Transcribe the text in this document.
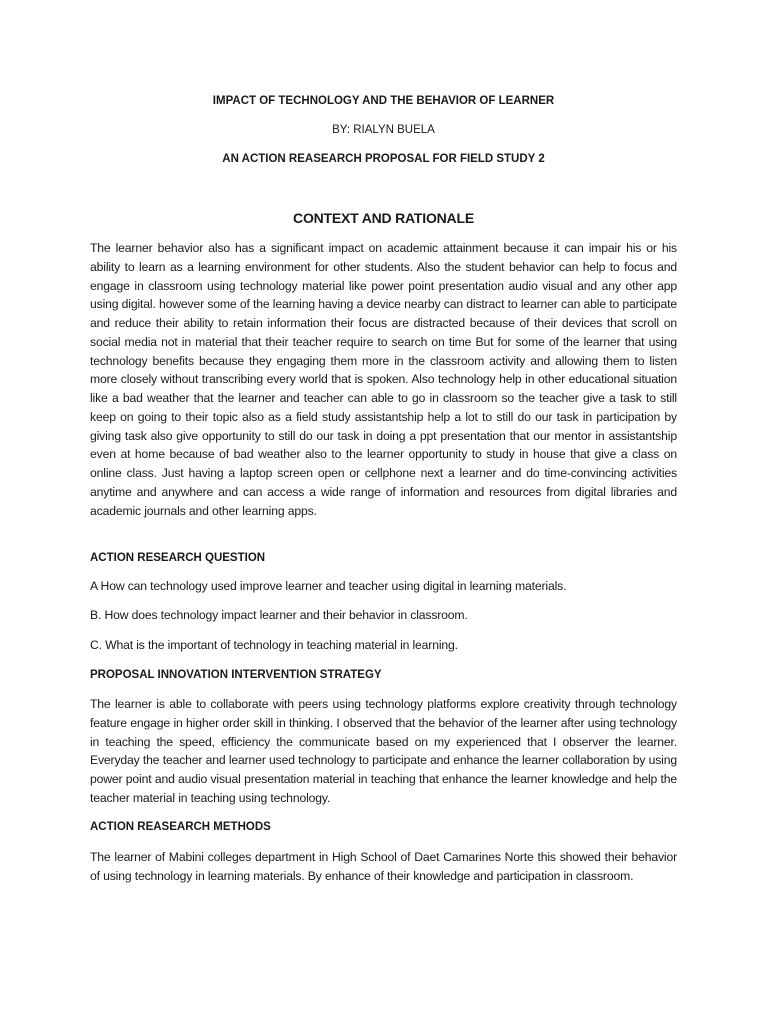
IMPACT OF TECHNOLOGY AND THE BEHAVIOR OF LEARNER

BY: RIALYN BUELA

AN ACTION REASEARCH PROPOSAL FOR FIELD STUDY 2

CONTEXT AND RATIONALE

The learner behavior also has a significant impact on academic attainment because it can impair his or his ability to learn as a learning environment for other students. Also the student behavior can help to focus and engage in classroom using technology material like power point presentation audio visual and any other app using digital. however some of the learning having a device nearby can distract to learner can able to participate and reduce their ability to retain information their focus are distracted because of their devices that scroll on social media not in material that their teacher require to search on time But for some of the learner that using technology benefits because they engaging them more in the classroom activity and allowing them to listen more closely without transcribing every world that is spoken. Also technology help in other educational situation like a bad weather that the learner and teacher can able to go in classroom so the teacher give a task to still keep on going to their topic also as a field study assistantship help a lot to still do our task in participation by giving task also give opportunity to still do our task in doing a ppt presentation that our mentor in assistantship even at home because of bad weather also to the learner opportunity to study in house that give a class on online class. Just having a laptop screen open or cellphone next a learner and do time-convincing activities anytime and anywhere and can access a wide range of information and resources from digital libraries and academic journals and other learning apps.

ACTION RESEARCH QUESTION

A How can technology used improve learner and teacher using digital in learning materials.

B. How does technology impact learner and their behavior in classroom.

C. What is the important of technology in teaching material in learning.

PROPOSAL INNOVATION INTERVENTION STRATEGY

The learner is able to collaborate with peers using technology platforms explore creativity through technology feature engage in higher order skill in thinking. I observed that the behavior of the learner after using technology in teaching the speed, efficiency the communicate based on my experienced that I observer the learner. Everyday the teacher and learner used technology to participate and enhance the learner collaboration by using power point and audio visual presentation material in teaching that enhance the learner knowledge and help the teacher material in teaching using technology.

ACTION REASEARCH METHODS

The learner of Mabini colleges department in High School of Daet Camarines Norte this showed their behavior of using technology in learning materials. By enhance of their knowledge and participation in classroom.
